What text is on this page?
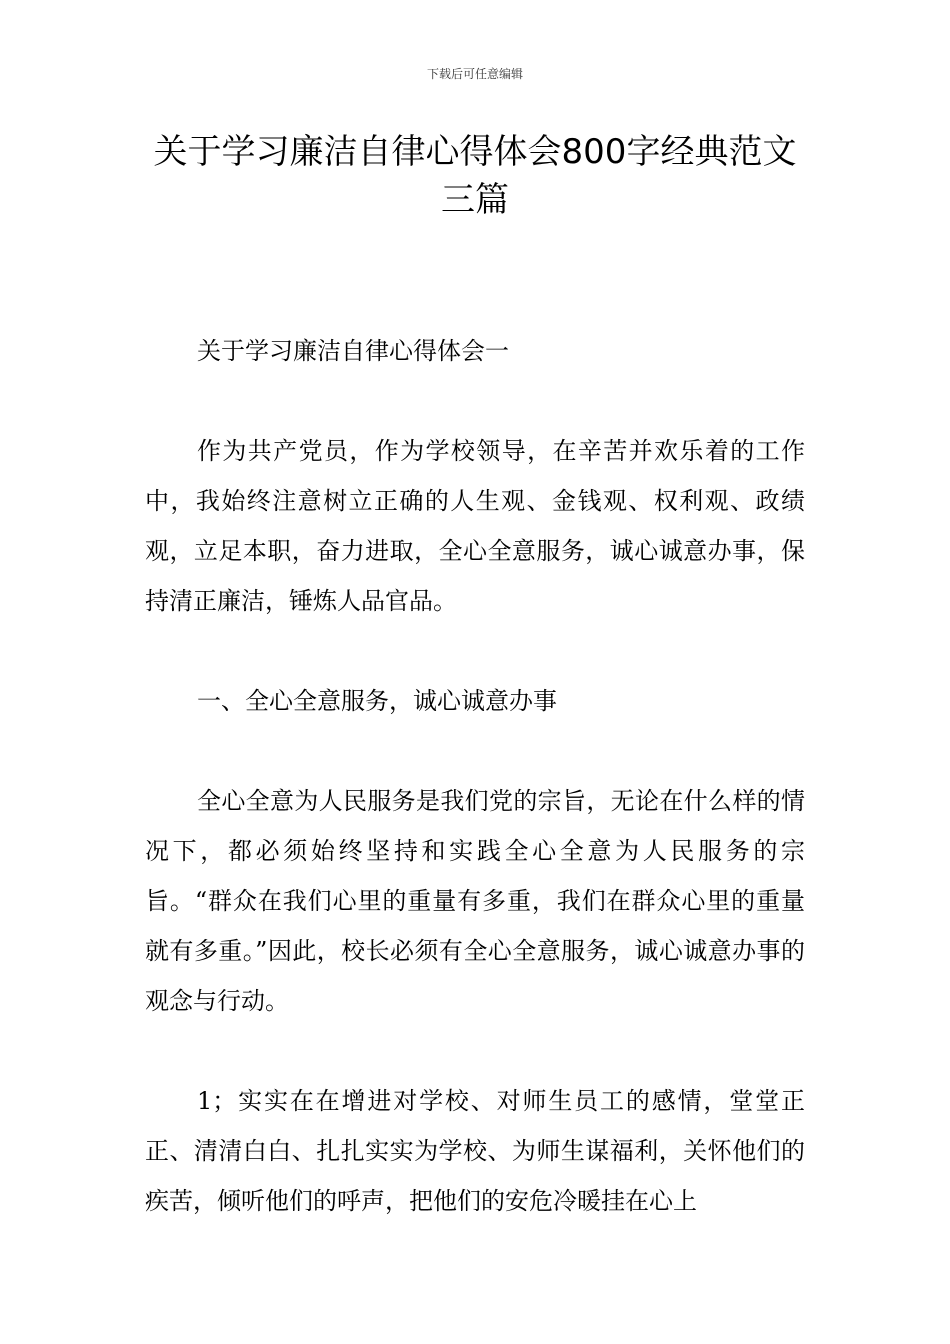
下载后可任意编辑
关于学习廉洁自律心得体会800字经典范文三篇

关于学习廉洁自律心得体会一

作为共产党员，作为学校领导，在辛苦并欢乐着的工作中，我始终注意树立正确的人生观、金钱观、权利观、政绩观，立足本职，奋力进取，全心全意服务，诚心诚意办事，保持清正廉洁，锤炼人品官品。

一、全心全意服务，诚心诚意办事

全心全意为人民服务是我们党的宗旨，无论在什么样的情况下，都必须始终坚持和实践全心全意为人民服务的宗旨。“群众在我们心里的重量有多重，我们在群众心里的重量就有多重。”因此，校长必须有全心全意服务，诚心诚意办事的观念与行动。

1；实实在在增进对学校、对师生员工的感情，堂堂正正、清清白白、扎扎实实为学校、为师生谋福利，关怀他们的疾苦，倾听他们的呼声，把他们的安危冷暖挂在心上
